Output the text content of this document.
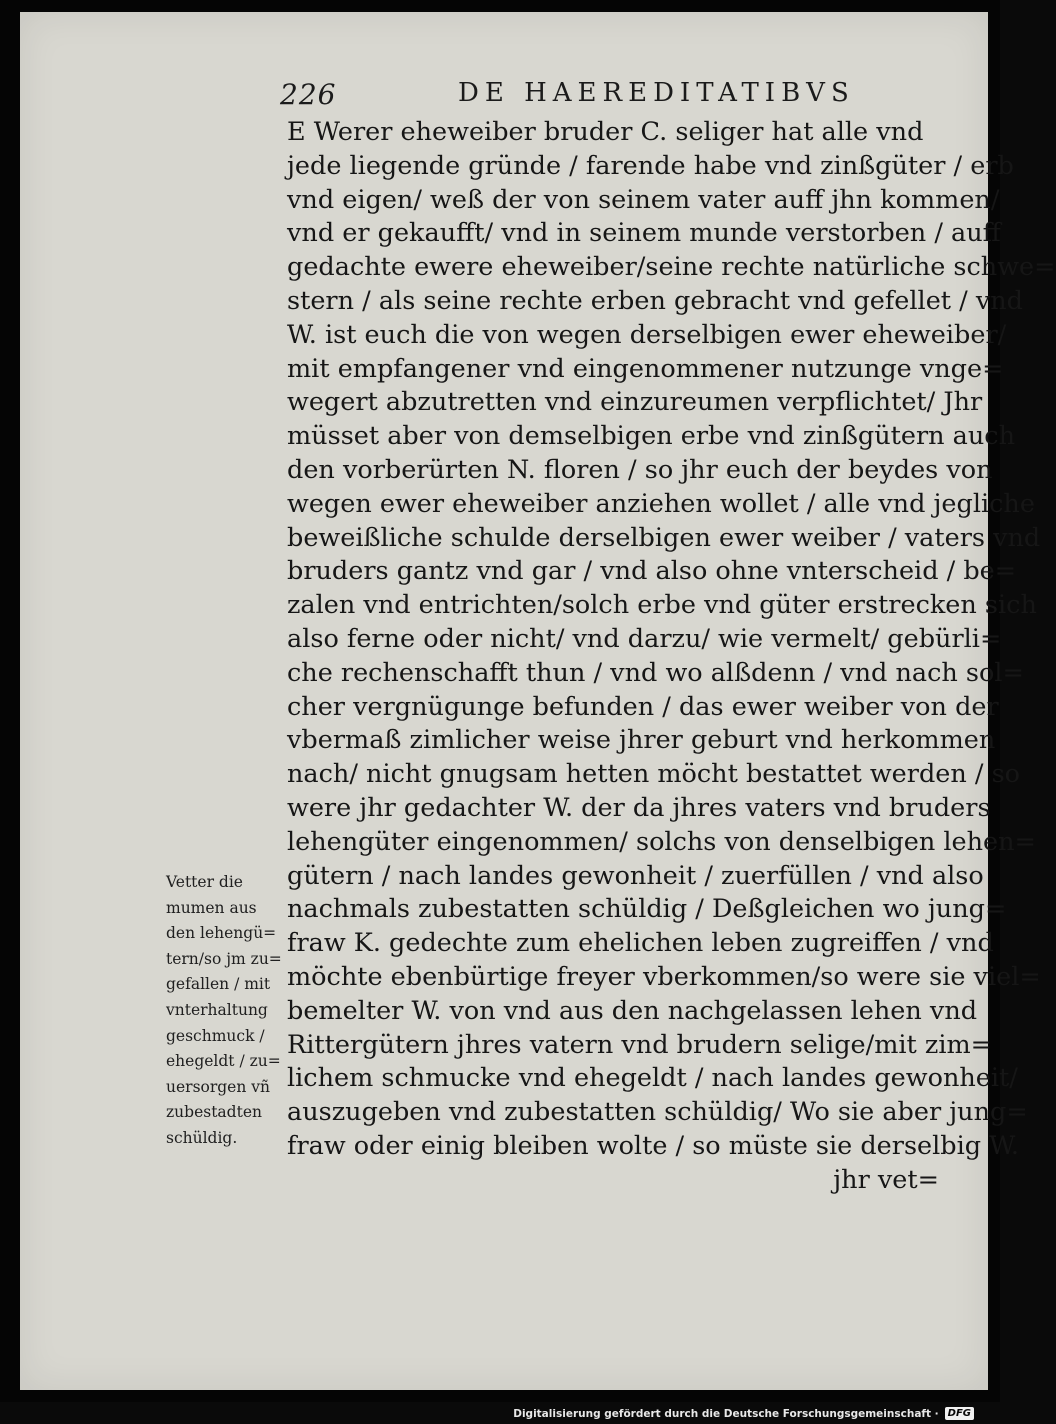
226	DE HAEREDITATIBVS
E Werer eheweiber bruder C. seliger hat alle vnd
jede liegende gründe / farende habe vnd zinßgüter / erb
vnd eigen/ weß der von seinem vater auff jhn kommen/
vnd er gekaufft/ vnd in seinem munde verstorben / auff
gedachte ewere eheweiber/seine rechte natürliche schwe=
stern / als seine rechte erben gebracht vnd gefellet / vnd
W. ist euch die von wegen derselbigen ewer eheweiber/
mit empfangener vnd eingenommener nutzunge vnge=
wegert abzutretten vnd einzureumen verpflichtet/ Jhr
müsset aber von demselbigen erbe vnd zinßgütern auch
den vorberürten N. floren / so jhr euch der beydes von
wegen ewer eheweiber anziehen wollet / alle vnd jegliche
beweißliche schulde derselbigen ewer weiber / vaters vnd
bruders gantz vnd gar / vnd also ohne vnterscheid / be=
zalen vnd entrichten/solch erbe vnd güter erstrecken sich
also ferne oder nicht/ vnd darzu/ wie vermelt/ gebürli=
che rechenschafft thun / vnd wo alßdenn / vnd nach sol=
cher vergnügunge befunden / das ewer weiber von der
vbermaß zimlicher weise jhrer geburt vnd herkommen
nach/ nicht gnugsam hetten möcht bestattet werden / so
were jhr gedachter W. der da jhres vaters vnd bruders
lehengüter eingenommen/ solchs von denselbigen lehen=
gütern / nach landes gewonheit / zuerfüllen / vnd also
nachmals zubestatten schüldig / Deßgleichen wo jung=
fraw K. gedechte zum ehelichen leben zugreiffen / vnd
möchte ebenbürtige freyer vberkommen/so were sie viel=
bemelter W. von vnd aus den nachgelassen lehen vnd
Rittergütern jhres vatern vnd brudern selige/mit zim=
lichem schmucke vnd ehegeldt / nach landes gewonheit/
auszugeben vnd zubestatten schüldig/ Wo sie aber jung=
fraw oder einig bleiben wolte / so müste sie derselbig W.
jhr vet=
Vetter die
mumen aus
den lehengü=
tern/so jm zu=
gefallen / mit
vnterhaltung
geschmuck /
ehegeldt / zu=
uersorgen vñ
zubestadten
schüldig.
Digitalisierung gefördert durch die Deutsche Forschungsgemeinschaft · DFG
